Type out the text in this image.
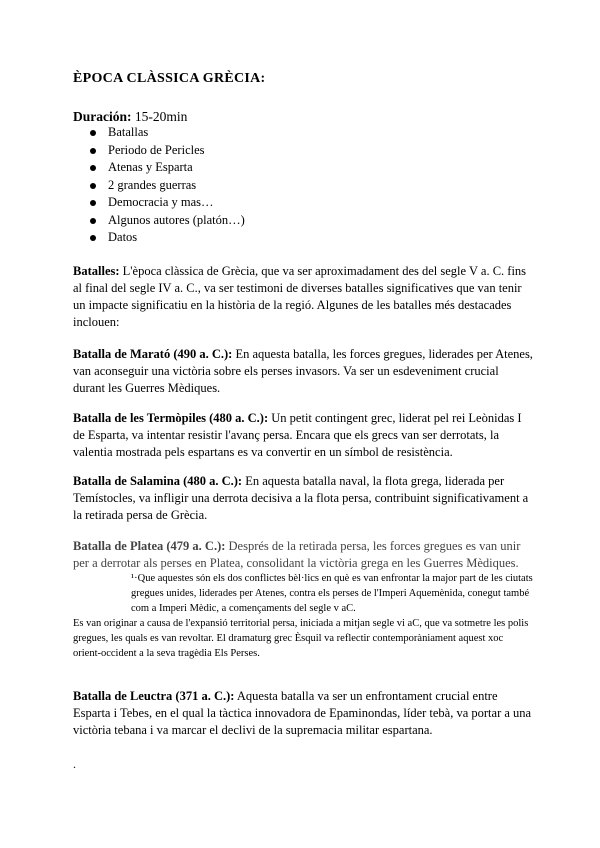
ÈPOCA CLÀSSICA GRÈCIA:
Duración: 15-20min
Batallas
Periodo de Pericles
Atenas y Esparta
2 grandes guerras
Democracia y mas…
Algunos autores (platón…)
Datos
Batalles: L'època clàssica de Grècia, que va ser aproximadament des del segle V a. C. fins al final del segle IV a. C., va ser testimoni de diverses batalles significatives que van tenir un impacte significatiu en la història de la regió. Algunes de les batalles més destacades inclouen:
Batalla de Marató (490 a. C.): En aquesta batalla, les forces gregues, liderades per Atenes, van aconseguir una victòria sobre els perses invasors. Va ser un esdeveniment crucial durant les Guerres Mèdiques.
Batalla de les Termòpiles (480 a. C.): Un petit contingent grec, liderat pel rei Leònidas I de Esparta, va intentar resistir l'avanç persa. Encara que els grecs van ser derrotats, la valentia mostrada pels espartans es va convertir en un símbol de resistència.
Batalla de Salamina (480 a. C.): En aquesta batalla naval, la flota grega, liderada per Temístocles, va infligir una derrota decisiva a la flota persa, contribuint significativament a la retirada persa de Grècia.
Batalla de Platea (479 a. C.): Després de la retirada persa, les forces gregues es van unir per a derrotar als perses en Platea, consolidant la victòria grega en les Guerres Mèdiques.
¹·Que aquestes són els dos conflictes bèl·lics en què es van enfrontar la major part de les ciutats gregues unides, liderades per Atenes, contra els perses de l'Imperi Aquemènida, conegut també com a Imperi Mèdic, a començaments del segle v aC.
Es van originar a causa de l'expansió territorial persa, iniciada a mitjan segle vi aC, que va sotmetre les polis gregues, les quals es van revoltar. El dramaturg grec Èsquil va reflectir contemporàniament aquest xoc orient-occident a la seva tragèdia Els Perses.
Batalla de Leuctra (371 a. C.): Aquesta batalla va ser un enfrontament crucial entre Esparta i Tebes, en el qual la tàctica innovadora de Epaminondas, líder tebà, va portar a una victòria tebana i va marcar el declivi de la supremacia militar espartana.
.
